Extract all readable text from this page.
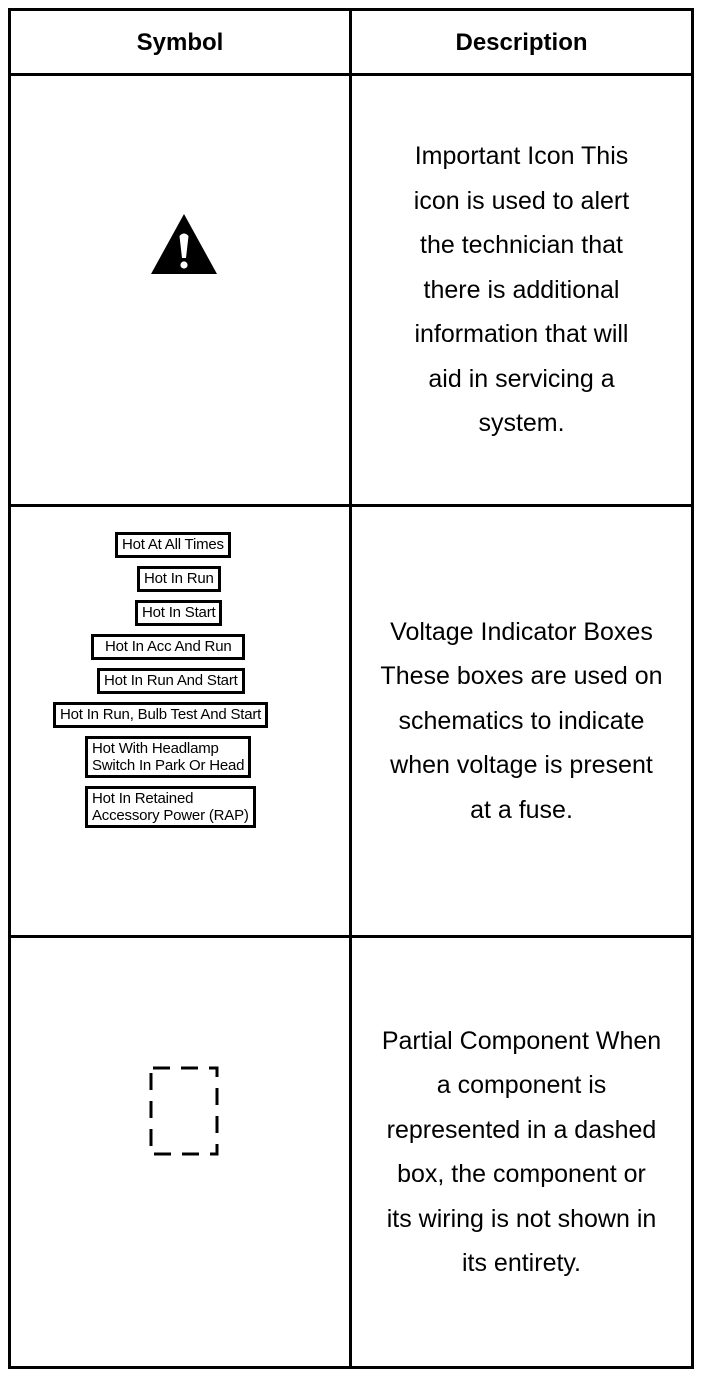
Symbol	Description
Important Icon This icon is used to alert the technician that there is additional information that will aid in servicing a system.
Hot At All Times
Hot In Run
Hot In Start
Hot In Acc And Run
Hot In Run And Start
Hot In Run, Bulb Test And Start
Hot With Headlamp
Switch In Park Or Head
Hot In Retained
Accessory Power (RAP)
Voltage Indicator Boxes These boxes are used on schematics to indicate when voltage is present at a fuse.
Partial Component When a component is represented in a dashed box, the component or its wiring is not shown in its entirety.
